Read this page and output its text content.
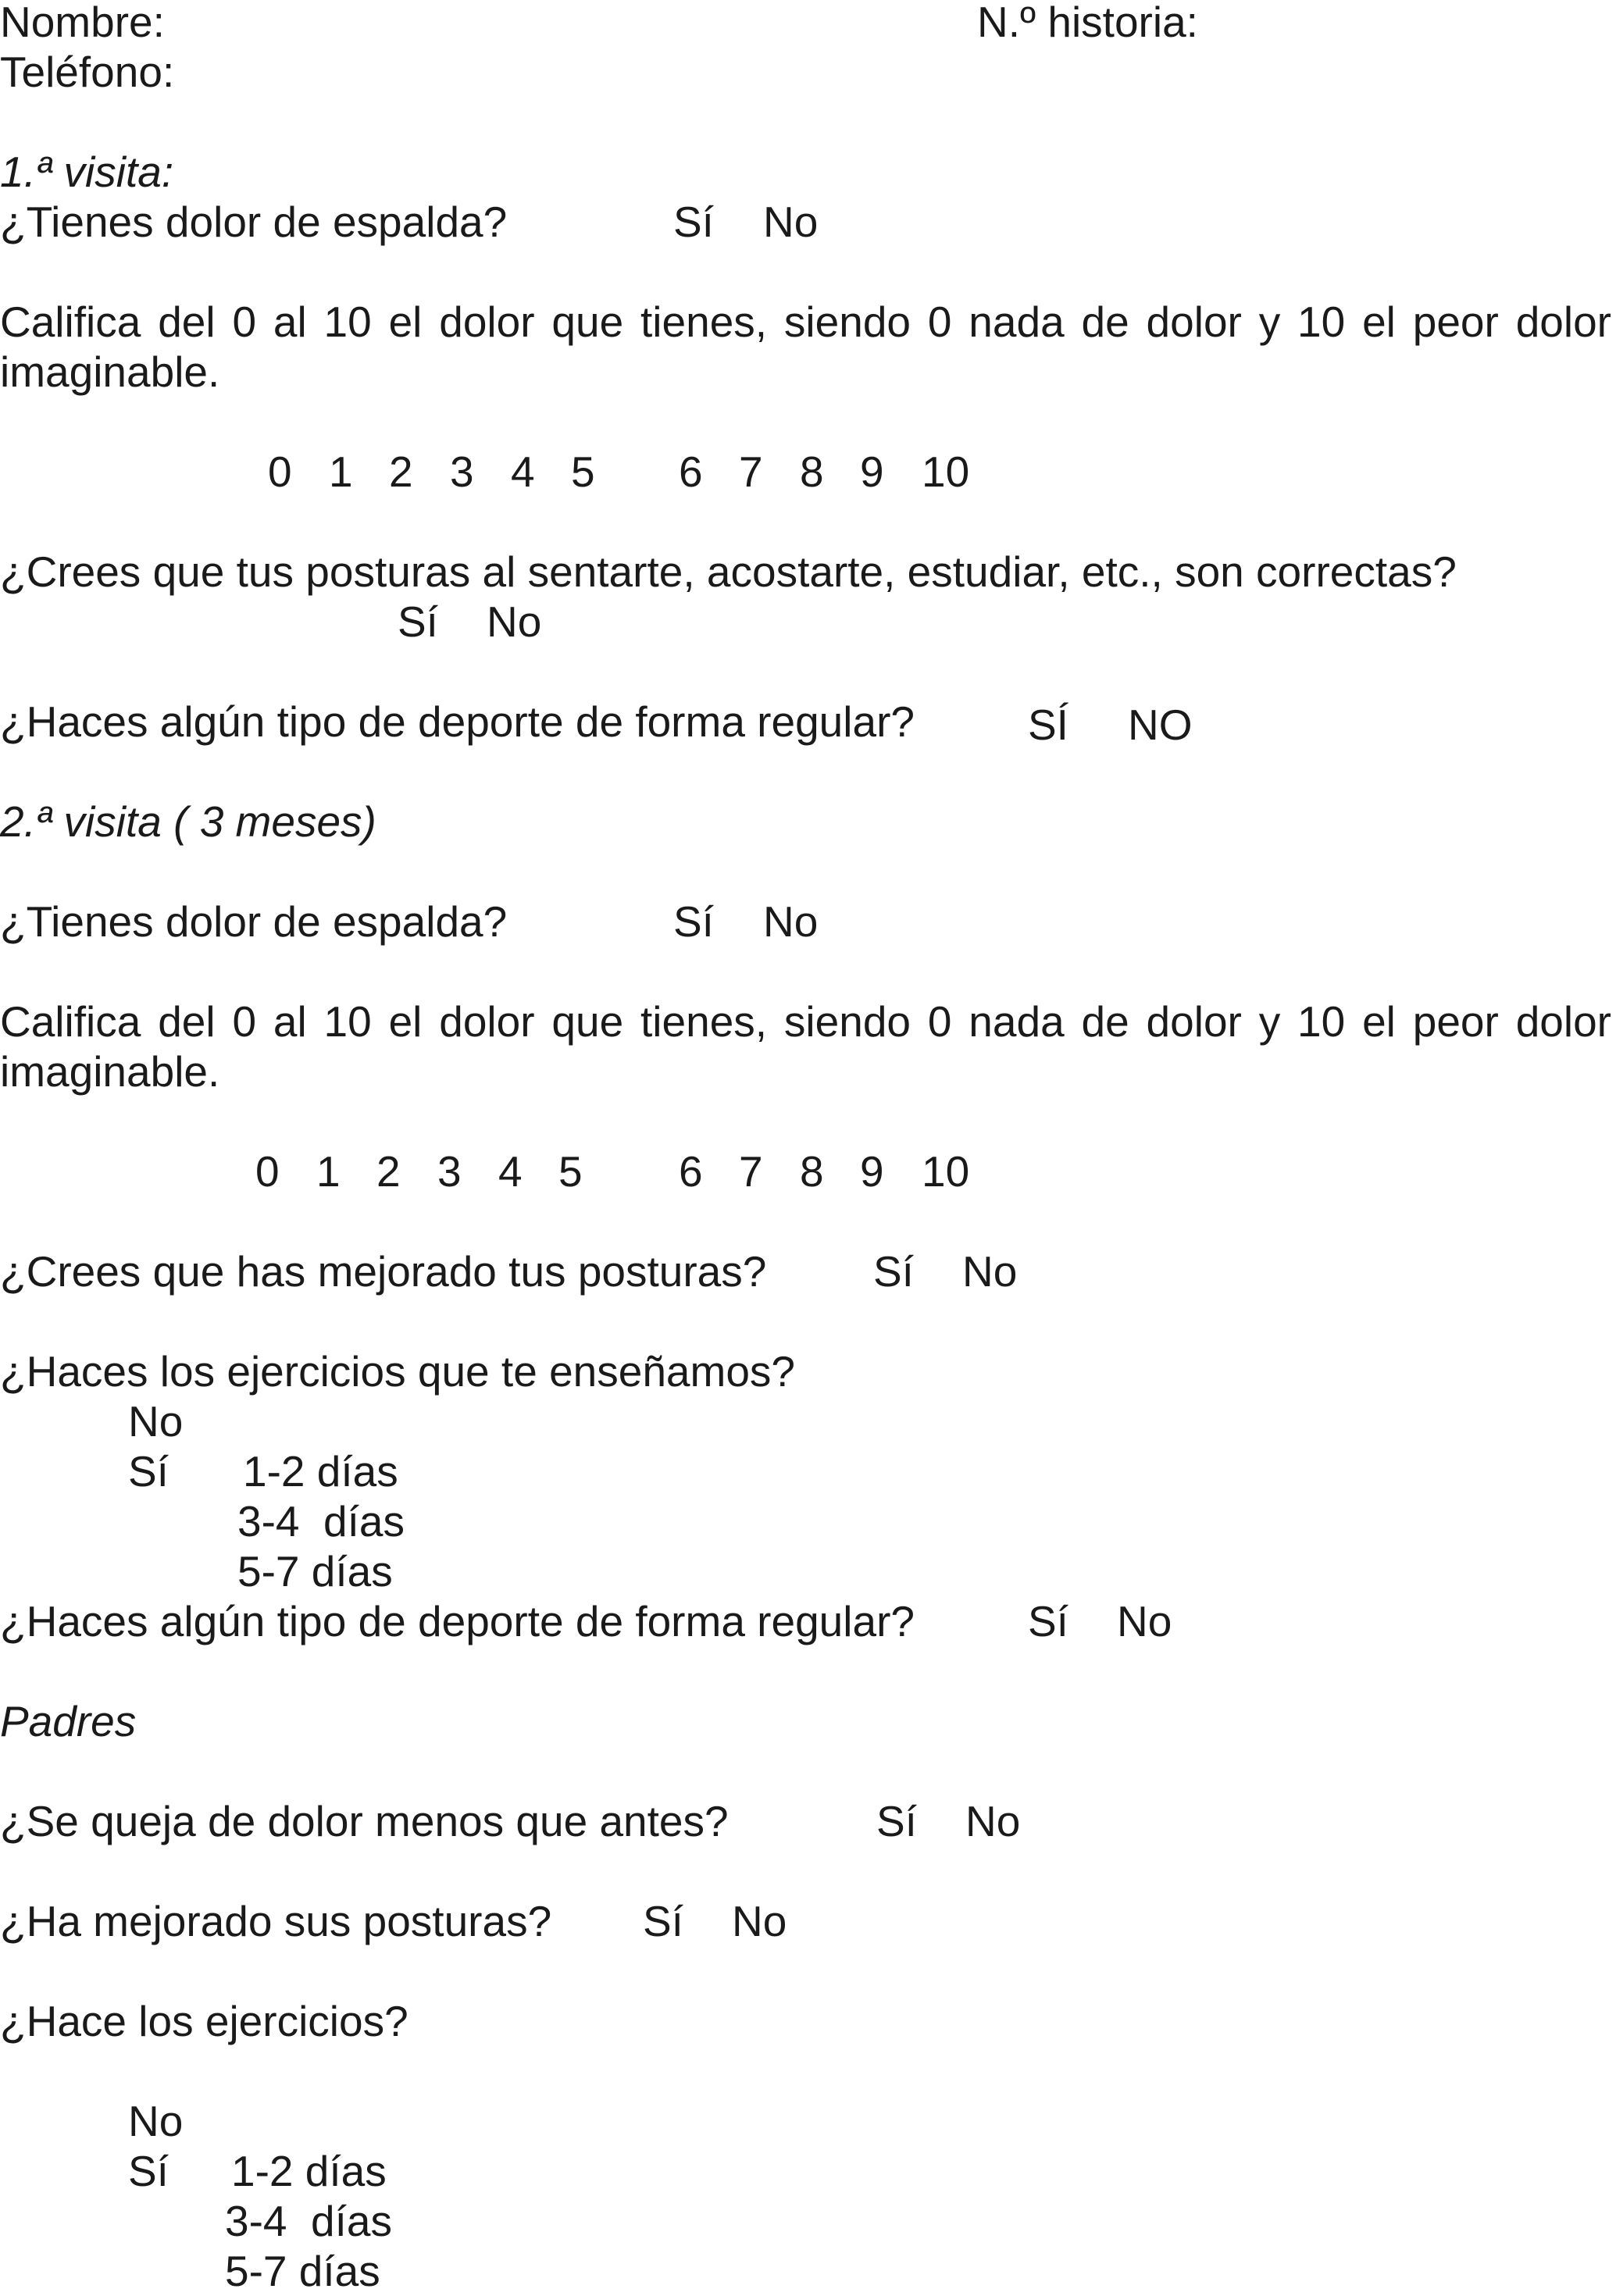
Nombre:	N.º historia:
Teléfono:
1.ª visita:
¿Tienes dolor de espalda?	Sí No
Califica del 0 al 10 el dolor que tienes, siendo 0 nada de dolor y 10 el peor dolor
imaginable.
0 1 2 3 4 5 6 7 8 9 10
¿Crees que tus posturas al sentarte, acostarte, estudiar, etc., son correctas?
Sí No
¿Haces algún tipo de deporte de forma regular?	SÍ NO
2.ª visita ( 3 meses)
¿Tienes dolor de espalda?	Sí No
Califica del 0 al 10 el dolor que tienes, siendo 0 nada de dolor y 10 el peor dolor
imaginable.
0 1 2 3 4 5 6 7 8 9 10
¿Crees que has mejorado tus posturas? Sí No
¿Haces los ejercicios que te enseñamos?
No
Sí 1-2 días
3-4  días
5-7 días
¿Haces algún tipo de deporte de forma regular?	Sí No
Padres
¿Se queja de dolor menos que antes?	Sí No
¿Ha mejorado sus posturas? Sí No
¿Hace los ejercicios?
No
Sí 1-2 días
3-4  días
5-7 días
